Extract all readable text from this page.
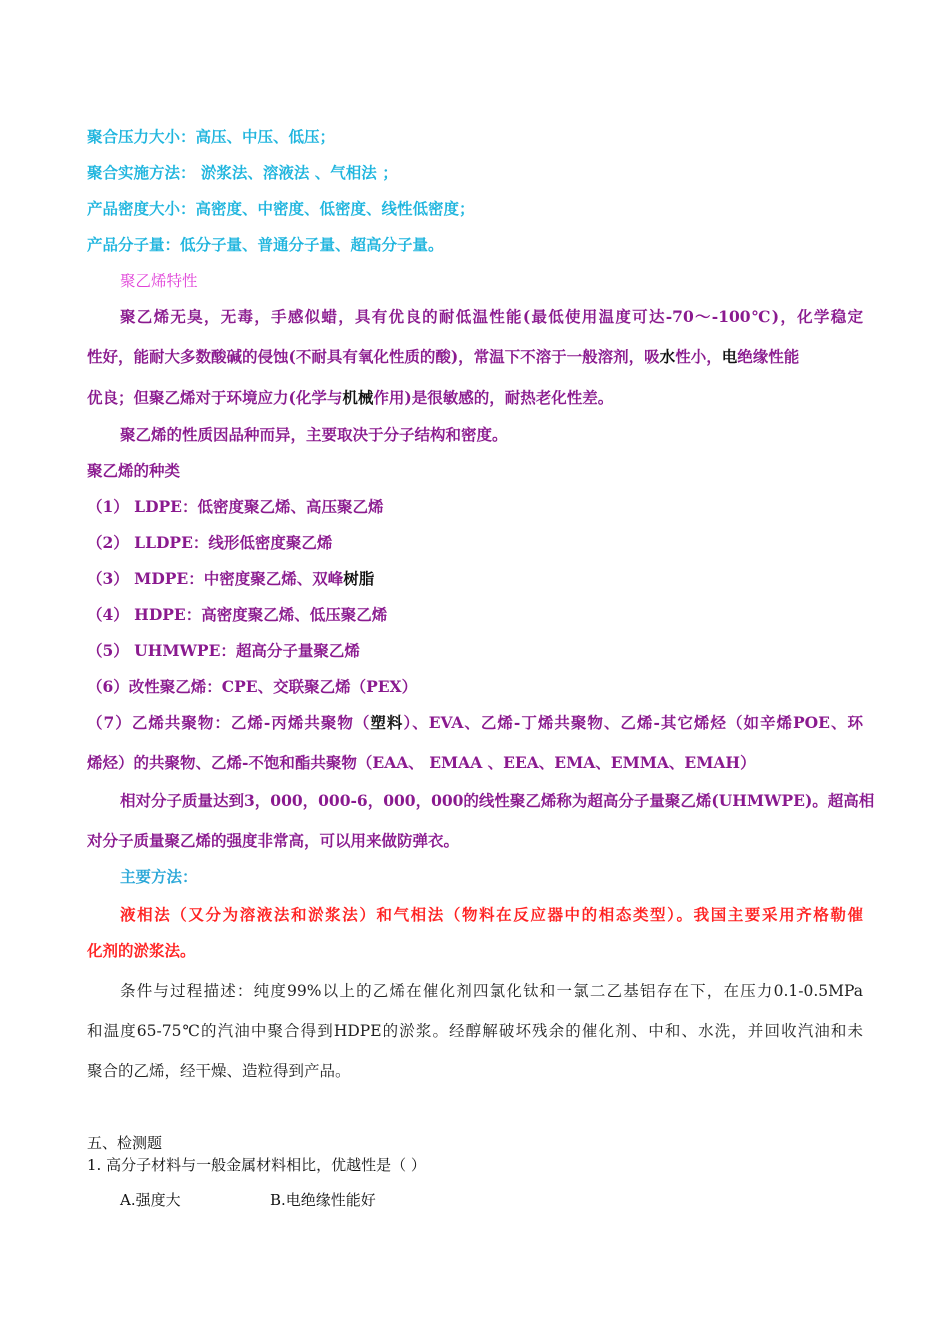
聚合压力大小：高压、中压、低压；
聚合实施方法： 淤浆法、溶液法 、气相法 ；
产品密度大小：高密度、中密度、低密度、线性低密度；
产品分子量：低分子量、普通分子量、超高分子量。
聚乙烯特性
聚乙烯无臭，无毒，手感似蜡，具有优良的耐低温性能(最低使用温度可达-70～-100℃)，化学稳定
性好，能耐大多数酸碱的侵蚀(不耐具有氧化性质的酸)，常温下不溶于一般溶剂，吸水性小，电绝缘性能
优良；但聚乙烯对于环境应力(化学与机械作用)是很敏感的，耐热老化性差。
聚乙烯的性质因品种而异，主要取决于分子结构和密度。
聚乙烯的种类
（1） LDPE：低密度聚乙烯、高压聚乙烯
（2） LLDPE：线形低密度聚乙烯
（3） MDPE：中密度聚乙烯、双峰树脂
（4） HDPE：高密度聚乙烯、低压聚乙烯
（5） UHMWPE：超高分子量聚乙烯
（6）改性聚乙烯：CPE、交联聚乙烯（PEX）
（7）乙烯共聚物：乙烯-丙烯共聚物（塑料）、EVA、乙烯-丁烯共聚物、乙烯-其它烯烃（如辛烯POE、环
烯烃）的共聚物、乙烯-不饱和酯共聚物（EAA、 EMAA 、EEA、EMA、EMMA、EMAH）
相对分子质量达到3，000，000-6，000，000的线性聚乙烯称为超高分子量聚乙烯(UHMWPE)。超高相
对分子质量聚乙烯的强度非常高，可以用来做防弹衣。
主要方法：
液相法（又分为溶液法和淤浆法）和气相法（物料在反应器中的相态类型）。我国主要采用齐格勒催
化剂的淤浆法。
条件与过程描述：纯度99%以上的乙烯在催化剂四氯化钛和一氯二乙基铝存在下，在压力0.1-0.5MPa
和温度65-75℃的汽油中聚合得到HDPE的淤浆。经醇解破坏残余的催化剂、中和、水洗，并回收汽油和未
聚合的乙烯，经干燥、造粒得到产品。
五、检测题
1. 高分子材料与一般金属材料相比，优越性是（ ）
A.强度大	B.电绝缘性能好
